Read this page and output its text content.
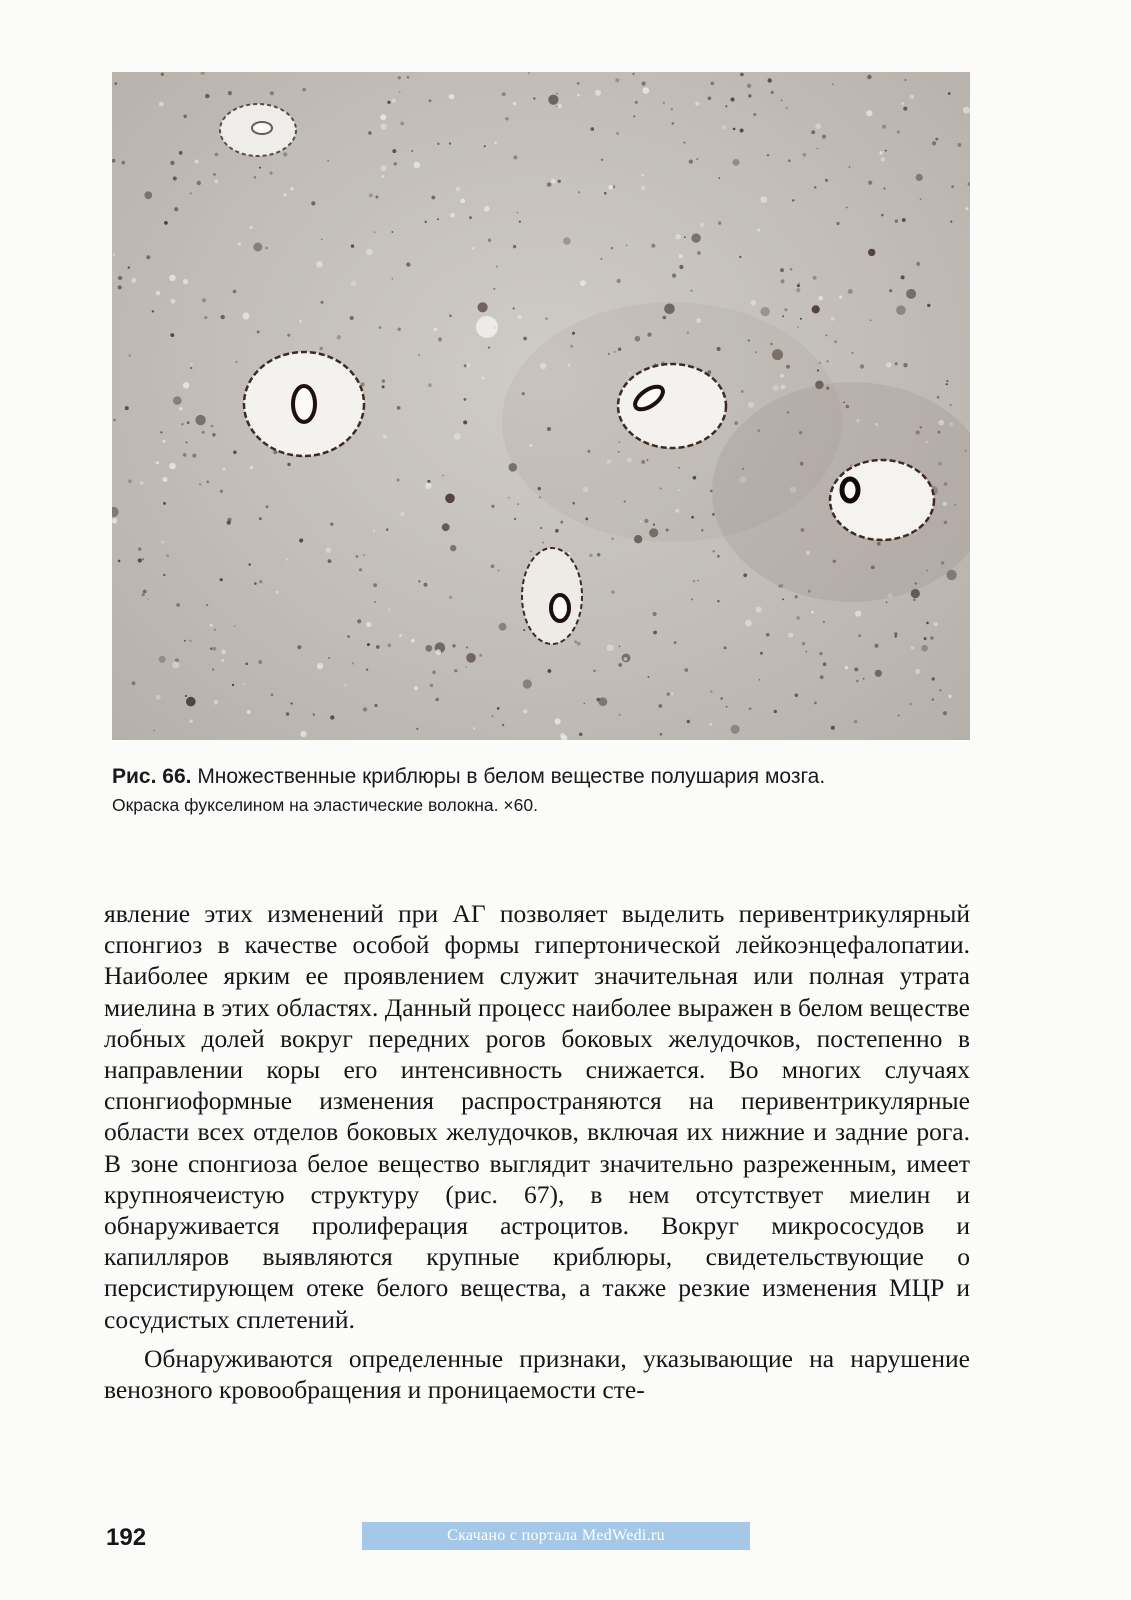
Рис. 66. Множественные криблюры в белом веществе полушария мозга.
Окраска фукселином на эластические волокна. ×60.

явление этих изменений при АГ позволяет выделить перивентрикулярный спонгиоз в качестве особой формы гипертонической лейкоэнцефалопатии. Наиболее ярким ее проявлением служит значительная или полная утрата миелина в этих областях. Данный процесс наиболее выражен в белом веществе лобных долей вокруг передних рогов боковых желудочков, постепенно в направлении коры его интенсивность снижается. Во многих случаях спонгиоформные изменения распространяются на перивентрикулярные области всех отделов боковых желудочков, включая их нижние и задние рога. В зоне спонгиоза белое вещество выглядит значительно разреженным, имеет крупноячеистую структуру (рис. 67), в нем отсутствует миелин и обнаруживается пролиферация астроцитов. Вокруг микрососудов и капилляров выявляются крупные криблюры, свидетельствующие о персистирующем отеке белого вещества, а также резкие изменения МЦР и сосудистых сплетений.

Обнаруживаются определенные признаки, указывающие на нарушение венозного кровообращения и проницаемости сте-

192	Скачано с портала MedWedi.ru
